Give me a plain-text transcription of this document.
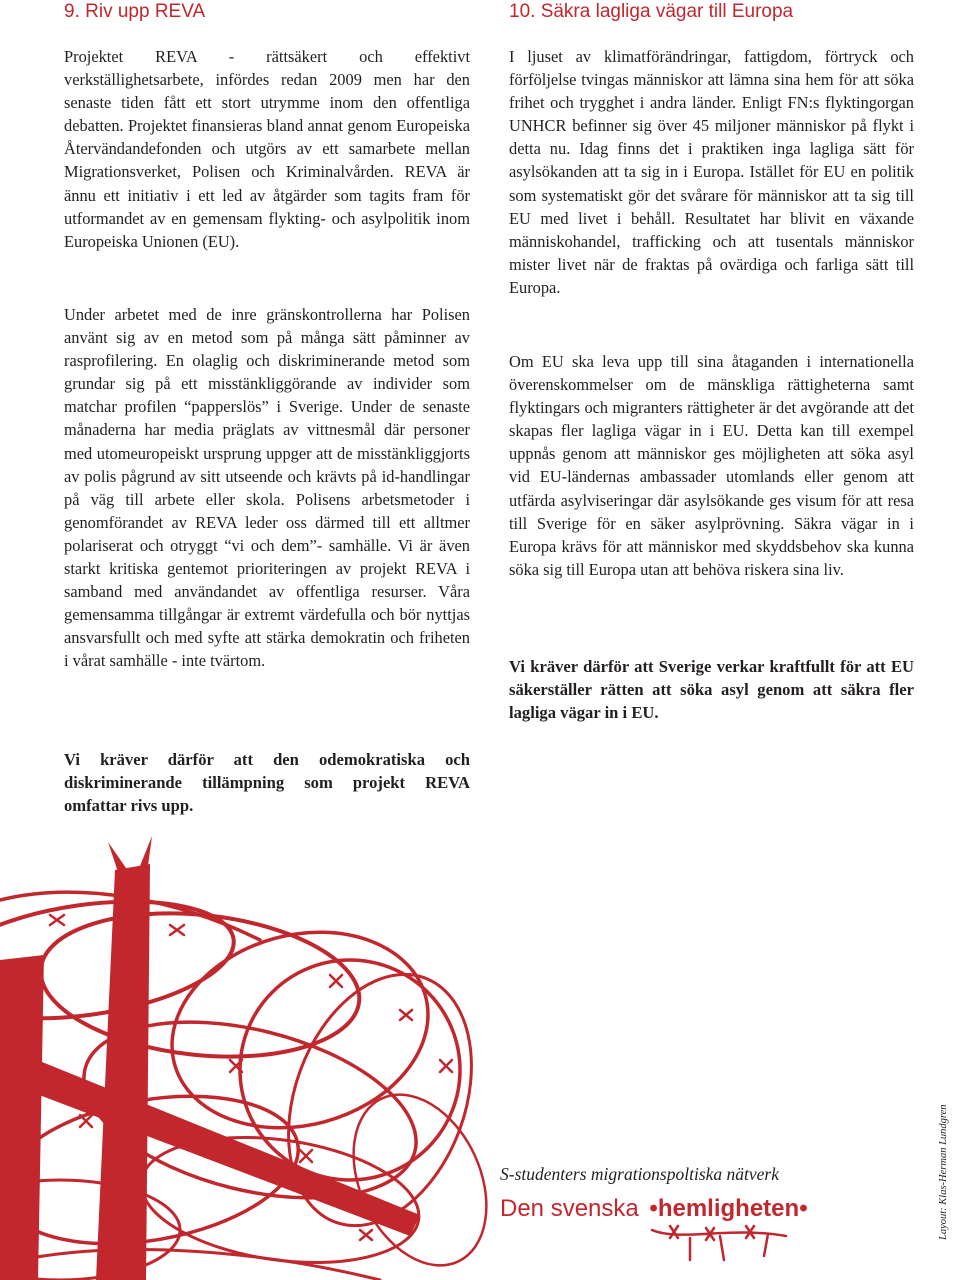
9. Riv upp REVA

Projektet REVA - rättsäkert och effektivt verkställighetsarbete, infördes redan 2009 men har den senaste tiden fått ett stort utrymme inom den offentliga debatten. Projektet finansieras bland annat genom Europeiska Återvändandefonden och utgörs av ett samarbete mellan Migrationsverket, Polisen och Kriminalvården. REVA är ännu ett initiativ i ett led av åtgärder som tagits fram för utformandet av en gemensam flykting- och asylpolitik inom Europeiska Unionen (EU).

Under arbetet med de inre gränskontrollerna har Polisen använt sig av en metod som på många sätt påminner av rasprofilering. En olaglig och diskriminerande metod som grundar sig på ett misstänkliggörande av individer som matchar profilen “papperslös” i Sverige. Under de senaste månaderna har media präglats av vittnesmål där personer med utomeuropeiskt ursprung uppger att de misstänkliggjorts av polis pågrund av sitt utseende och krävts på id-handlingar på väg till arbete eller skola. Polisens arbetsmetoder i genomförandet av REVA leder oss därmed till ett alltmer polariserat och otryggt “vi och dem”- samhälle. Vi är även starkt kritiska gentemot prioriteringen av projekt REVA i samband med användandet av offentliga resurser. Våra gemensamma tillgångar är extremt värdefulla och bör nyttjas ansvarsfullt och med syfte att stärka demokratin och friheten i vårat samhälle - inte tvärtom.

Vi kräver därför att den odemokratiska och diskriminerande tillämpning som projekt REVA omfattar rivs upp.

10. Säkra lagliga vägar till Europa

I ljuset av klimatförändringar, fattigdom, förtryck och förföljelse tvingas människor att lämna sina hem för att söka frihet och trygghet i andra länder. Enligt FN:s flyktingorgan UNHCR befinner sig över 45 miljoner människor på flykt i detta nu. Idag finns det i praktiken inga lagliga sätt för asylsökanden att ta sig in i Europa. Istället för EU en politik som systematiskt gör det svårare för människor att ta sig till EU med livet i behåll. Resultatet har blivit en växande människohandel, trafficking och att tusentals människor mister livet när de fraktas på ovärdiga och farliga sätt till Europa.

Om EU ska leva upp till sina åtaganden i internationella överenskommelser om de mänskliga rättigheterna samt flyktingars och migranters rättigheter är det avgörande att det skapas fler lagliga vägar in i EU. Detta kan till exempel uppnås genom att människor ges möjligheten att söka asyl vid EU-ländernas ambassader utomlands eller genom att utfärda asylviseringar där asylsökande ges visum för att resa till Sverige för en säker asylprövning. Säkra vägar in i Europa krävs för att människor med skyddsbehov ska kunna söka sig till Europa utan att behöva riskera sina liv.

Vi kräver därför att Sverige verkar kraftfullt för att EU säkerställer rätten att söka asyl genom att säkra fler lagliga vägar in i EU.

S-studenters migrationspoltiska nätverk
Den svenska •hemligheten•	Layout: Klas-Herman Lundgren
